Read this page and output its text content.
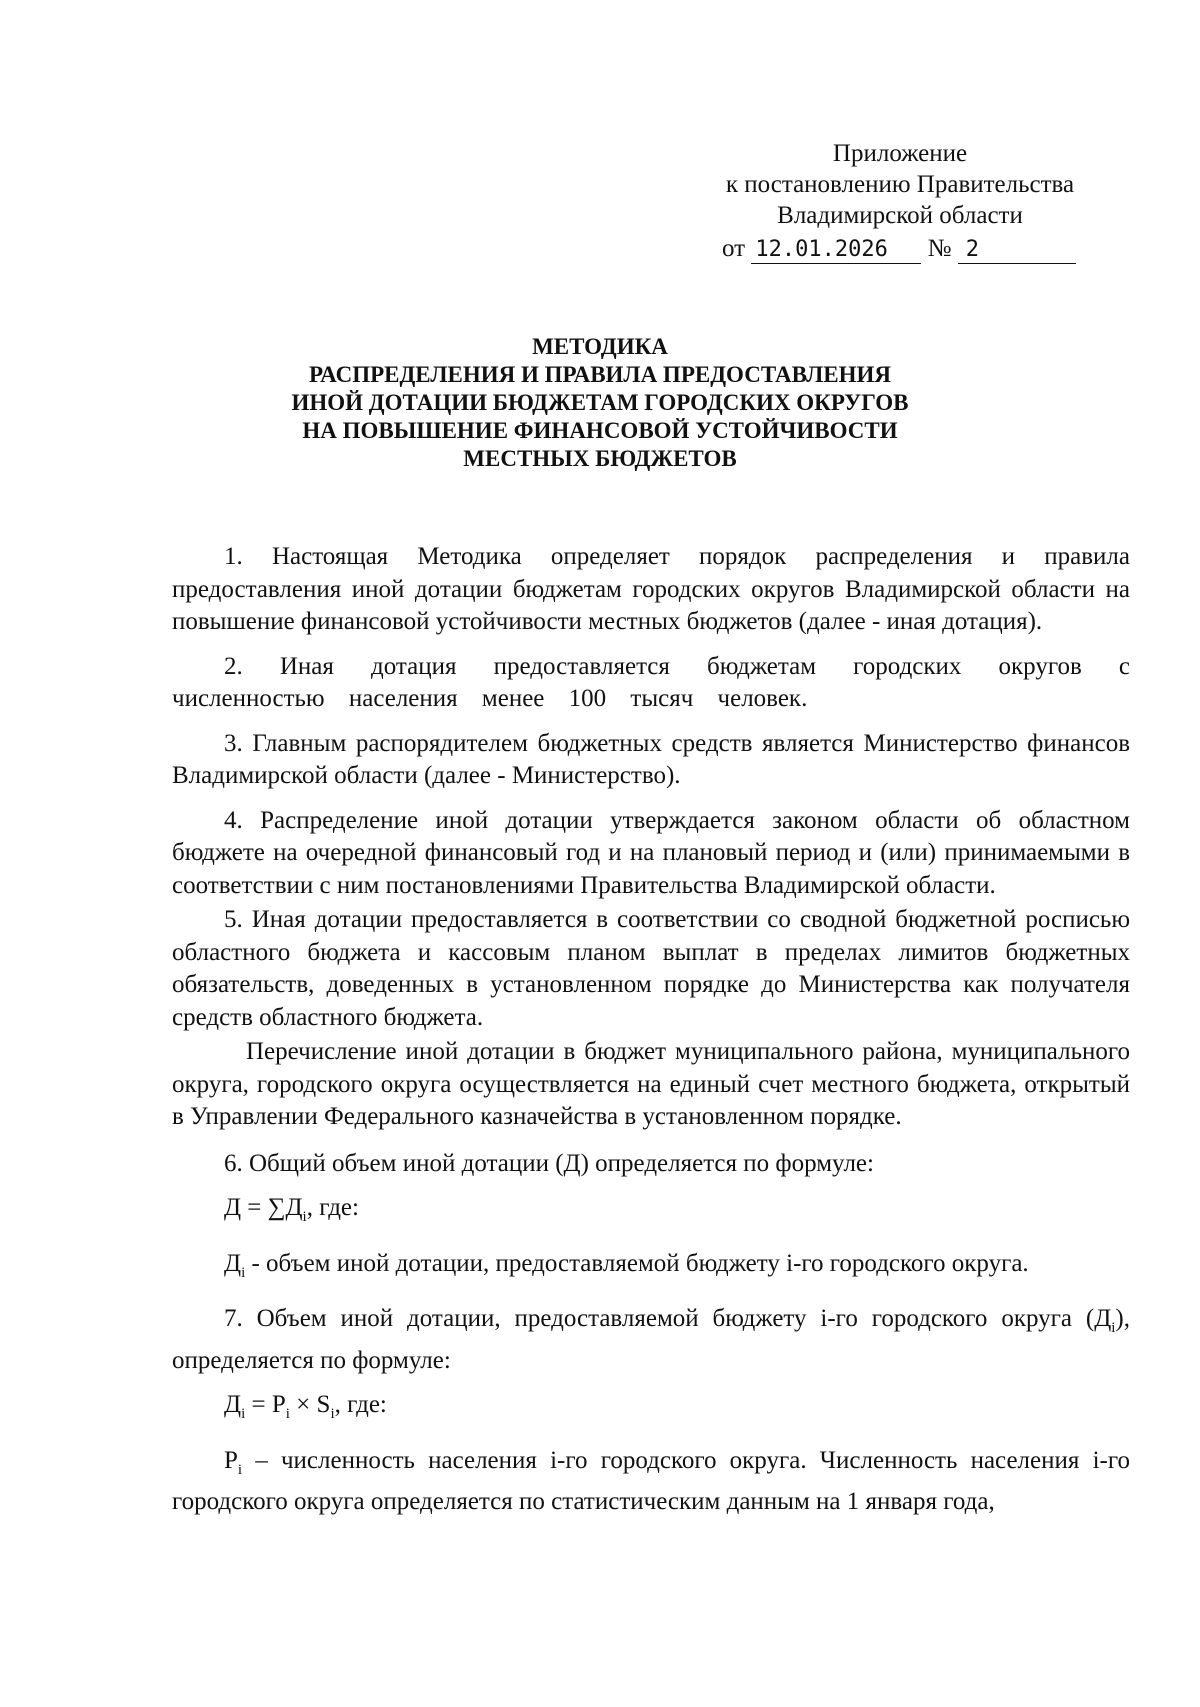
Приложение
к постановлению Правительства
Владимирской области
от 12.01.2026 № 2
МЕТОДИКА
РАСПРЕДЕЛЕНИЯ И ПРАВИЛА ПРЕДОСТАВЛЕНИЯ
ИНОЙ ДОТАЦИИ БЮДЖЕТАМ ГОРОДСКИХ ОКРУГОВ
НА ПОВЫШЕНИЕ ФИНАНСОВОЙ УСТОЙЧИВОСТИ
МЕСТНЫХ БЮДЖЕТОВ

1. Настоящая Методика определяет порядок распределения и правила предоставления иной дотации бюджетам городских округов Владимирской области на повышение финансовой устойчивости местных бюджетов (далее - иная дотация).

2. Иная дотация предоставляется бюджетам городских округов с численностью населения менее 100 тысяч человек.

3. Главным распорядителем бюджетных средств является Министерство финансов Владимирской области (далее - Министерство).

4. Распределение иной дотации утверждается законом области об областном бюджете на очередной финансовый год и на плановый период и (или) принимаемыми в соответствии с ним постановлениями Правительства Владимирской области.

5. Иная дотации предоставляется в соответствии со сводной бюджетной росписью областного бюджета и кассовым планом выплат в пределах лимитов бюджетных обязательств, доведенных в установленном порядке до Министерства как получателя средств областного бюджета.

Перечисление иной дотации в бюджет муниципального района, муниципального округа, городского округа осуществляется на единый счет местного бюджета, открытый в Управлении Федерального казначейства в установленном порядке.

6. Общий объем иной дотации (Д) определяется по формуле:

$Д = \sum Д_i$, где:

$Д_i$ - объем иной дотации, предоставляемой бюджету i-го городского округа.

7. Объем иной дотации, предоставляемой бюджету i-го городского округа $(Д_i)$, определяется по формуле:

$Д_i = P_i \times S_i$, где:

$P_i$ – численность населения i-го городского округа. Численность населения i-го городского округа определяется по статистическим данным на 1 января года,
